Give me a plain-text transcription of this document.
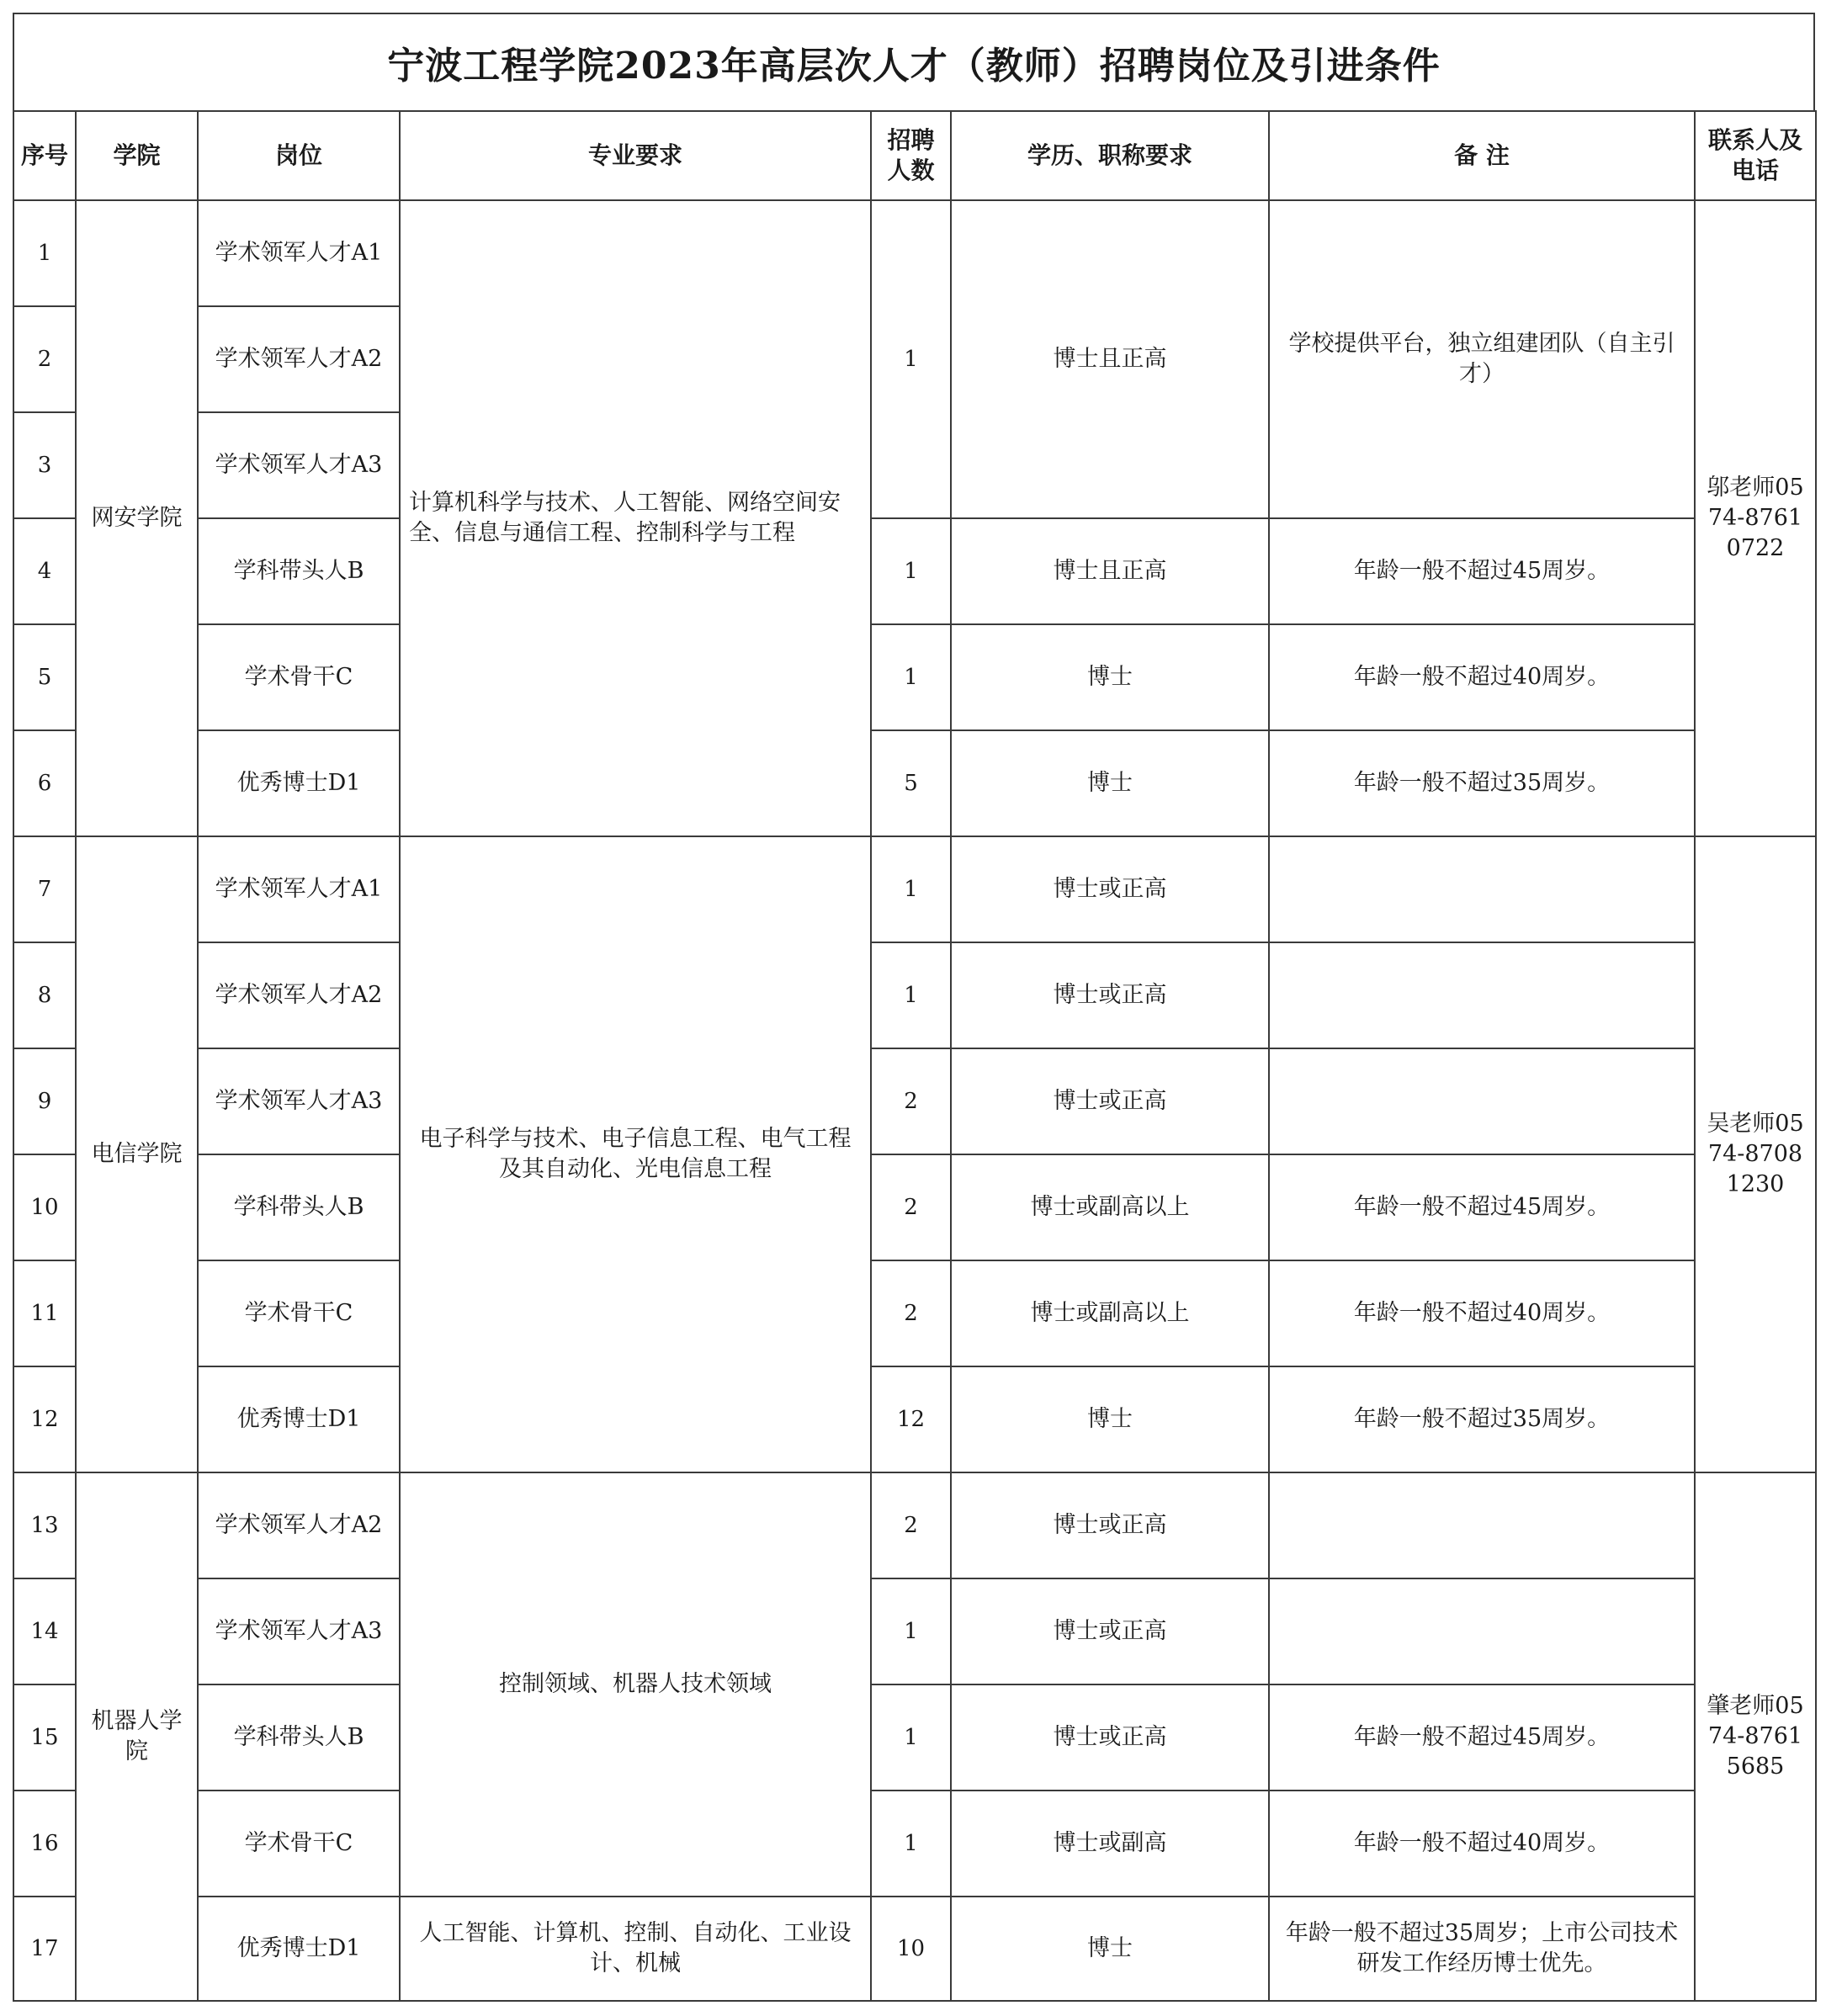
宁波工程学院2023年高层次人才（教师）招聘岗位及引进条件
序号	学院	岗位	专业要求	招聘人数	学历、职称要求	备 注	联系人及电话
1	网安学院	学术领军人才A1	计算机科学与技术、人工智能、网络空间安全、信息与通信工程、控制科学与工程	1	博士且正高	学校提供平台，独立组建团队（自主引才）	邬老师0574-87610722
2		学术领军人才A2					
3		学术领军人才A3					
4		学科带头人B		1	博士且正高	年龄一般不超过45周岁。	
5		学术骨干C		1	博士	年龄一般不超过40周岁。	
6		优秀博士D1		5	博士	年龄一般不超过35周岁。	
7	电信学院	学术领军人才A1	电子科学与技术、电子信息工程、电气工程及其自动化、光电信息工程	1	博士或正高		吴老师0574-87081230
8		学术领军人才A2		1	博士或正高		
9		学术领军人才A3		2	博士或正高		
10		学科带头人B		2	博士或副高以上	年龄一般不超过45周岁。	
11		学术骨干C		2	博士或副高以上	年龄一般不超过40周岁。	
12		优秀博士D1		12	博士	年龄一般不超过35周岁。	
13	机器人学院	学术领军人才A2	控制领域、机器人技术领域	2	博士或正高		肇老师0574-87615685
14		学术领军人才A3		1	博士或正高		
15		学科带头人B		1	博士或正高	年龄一般不超过45周岁。	
16		学术骨干C		1	博士或副高	年龄一般不超过40周岁。	
17		优秀博士D1	人工智能、计算机、控制、自动化、工业设计、机械	10	博士	年龄一般不超过35周岁；上市公司技术研发工作经历博士优先。	
